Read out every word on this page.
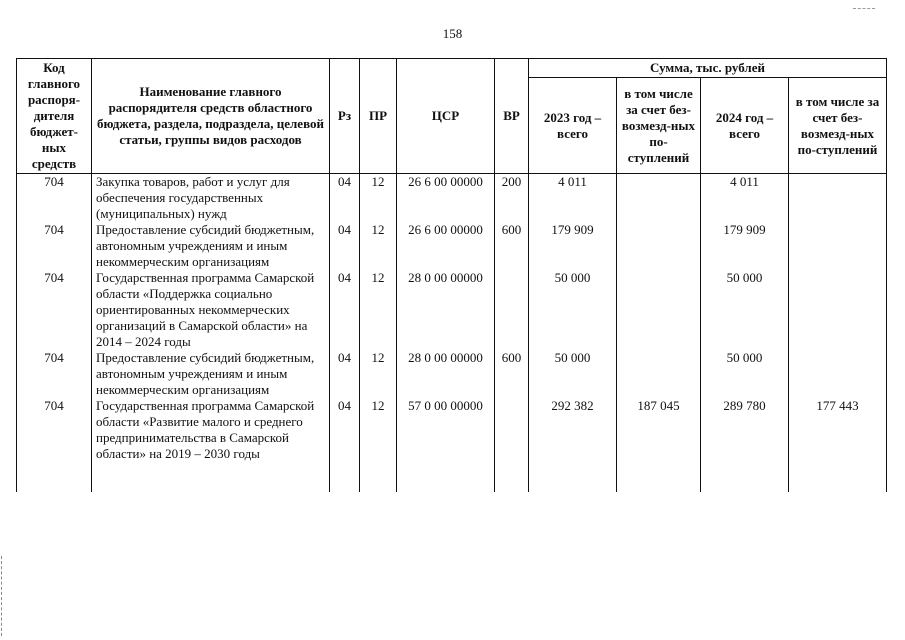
158
Код главного распоря-дителя бюджет-ных средств	Наименование главного распорядителя средств областного бюджета, раздела, подраздела, целевой статьи, группы видов расходов	Рз	ПР	ЦСР	ВР	Сумма, тыс. рублей			
						2023 год – всего	в том числе за счет без-возмезд-ных по-ступлений	2024 год – всего	в том числе за счет без-возмезд-ных по-ступлений
704	Закупка товаров, работ и услуг для обеспечения государственных (муниципальных) нужд	04	12	26 6 00 00000	200	4 011		4 011	
704	Предоставление субсидий бюджетным, автономным учреждениям и иным некоммерческим организациям	04	12	26 6 00 00000	600	179 909		179 909	
704	Государственная программа Самарской области «Поддержка социально ориентированных некоммерческих организаций в Самарской области» на 2014 – 2024 годы	04	12	28 0 00 00000		50 000		50 000	
704	Предоставление субсидий бюджетным, автономным учреждениям и иным некоммерческим организациям	04	12	28 0 00 00000	600	50 000		50 000	
704	Государственная программа Самарской области «Развитие малого и среднего предпринимательства в Самарской области» на 2019 – 2030 годы	04	12	57 0 00 00000		292 382	187 045	289 780	177 443
